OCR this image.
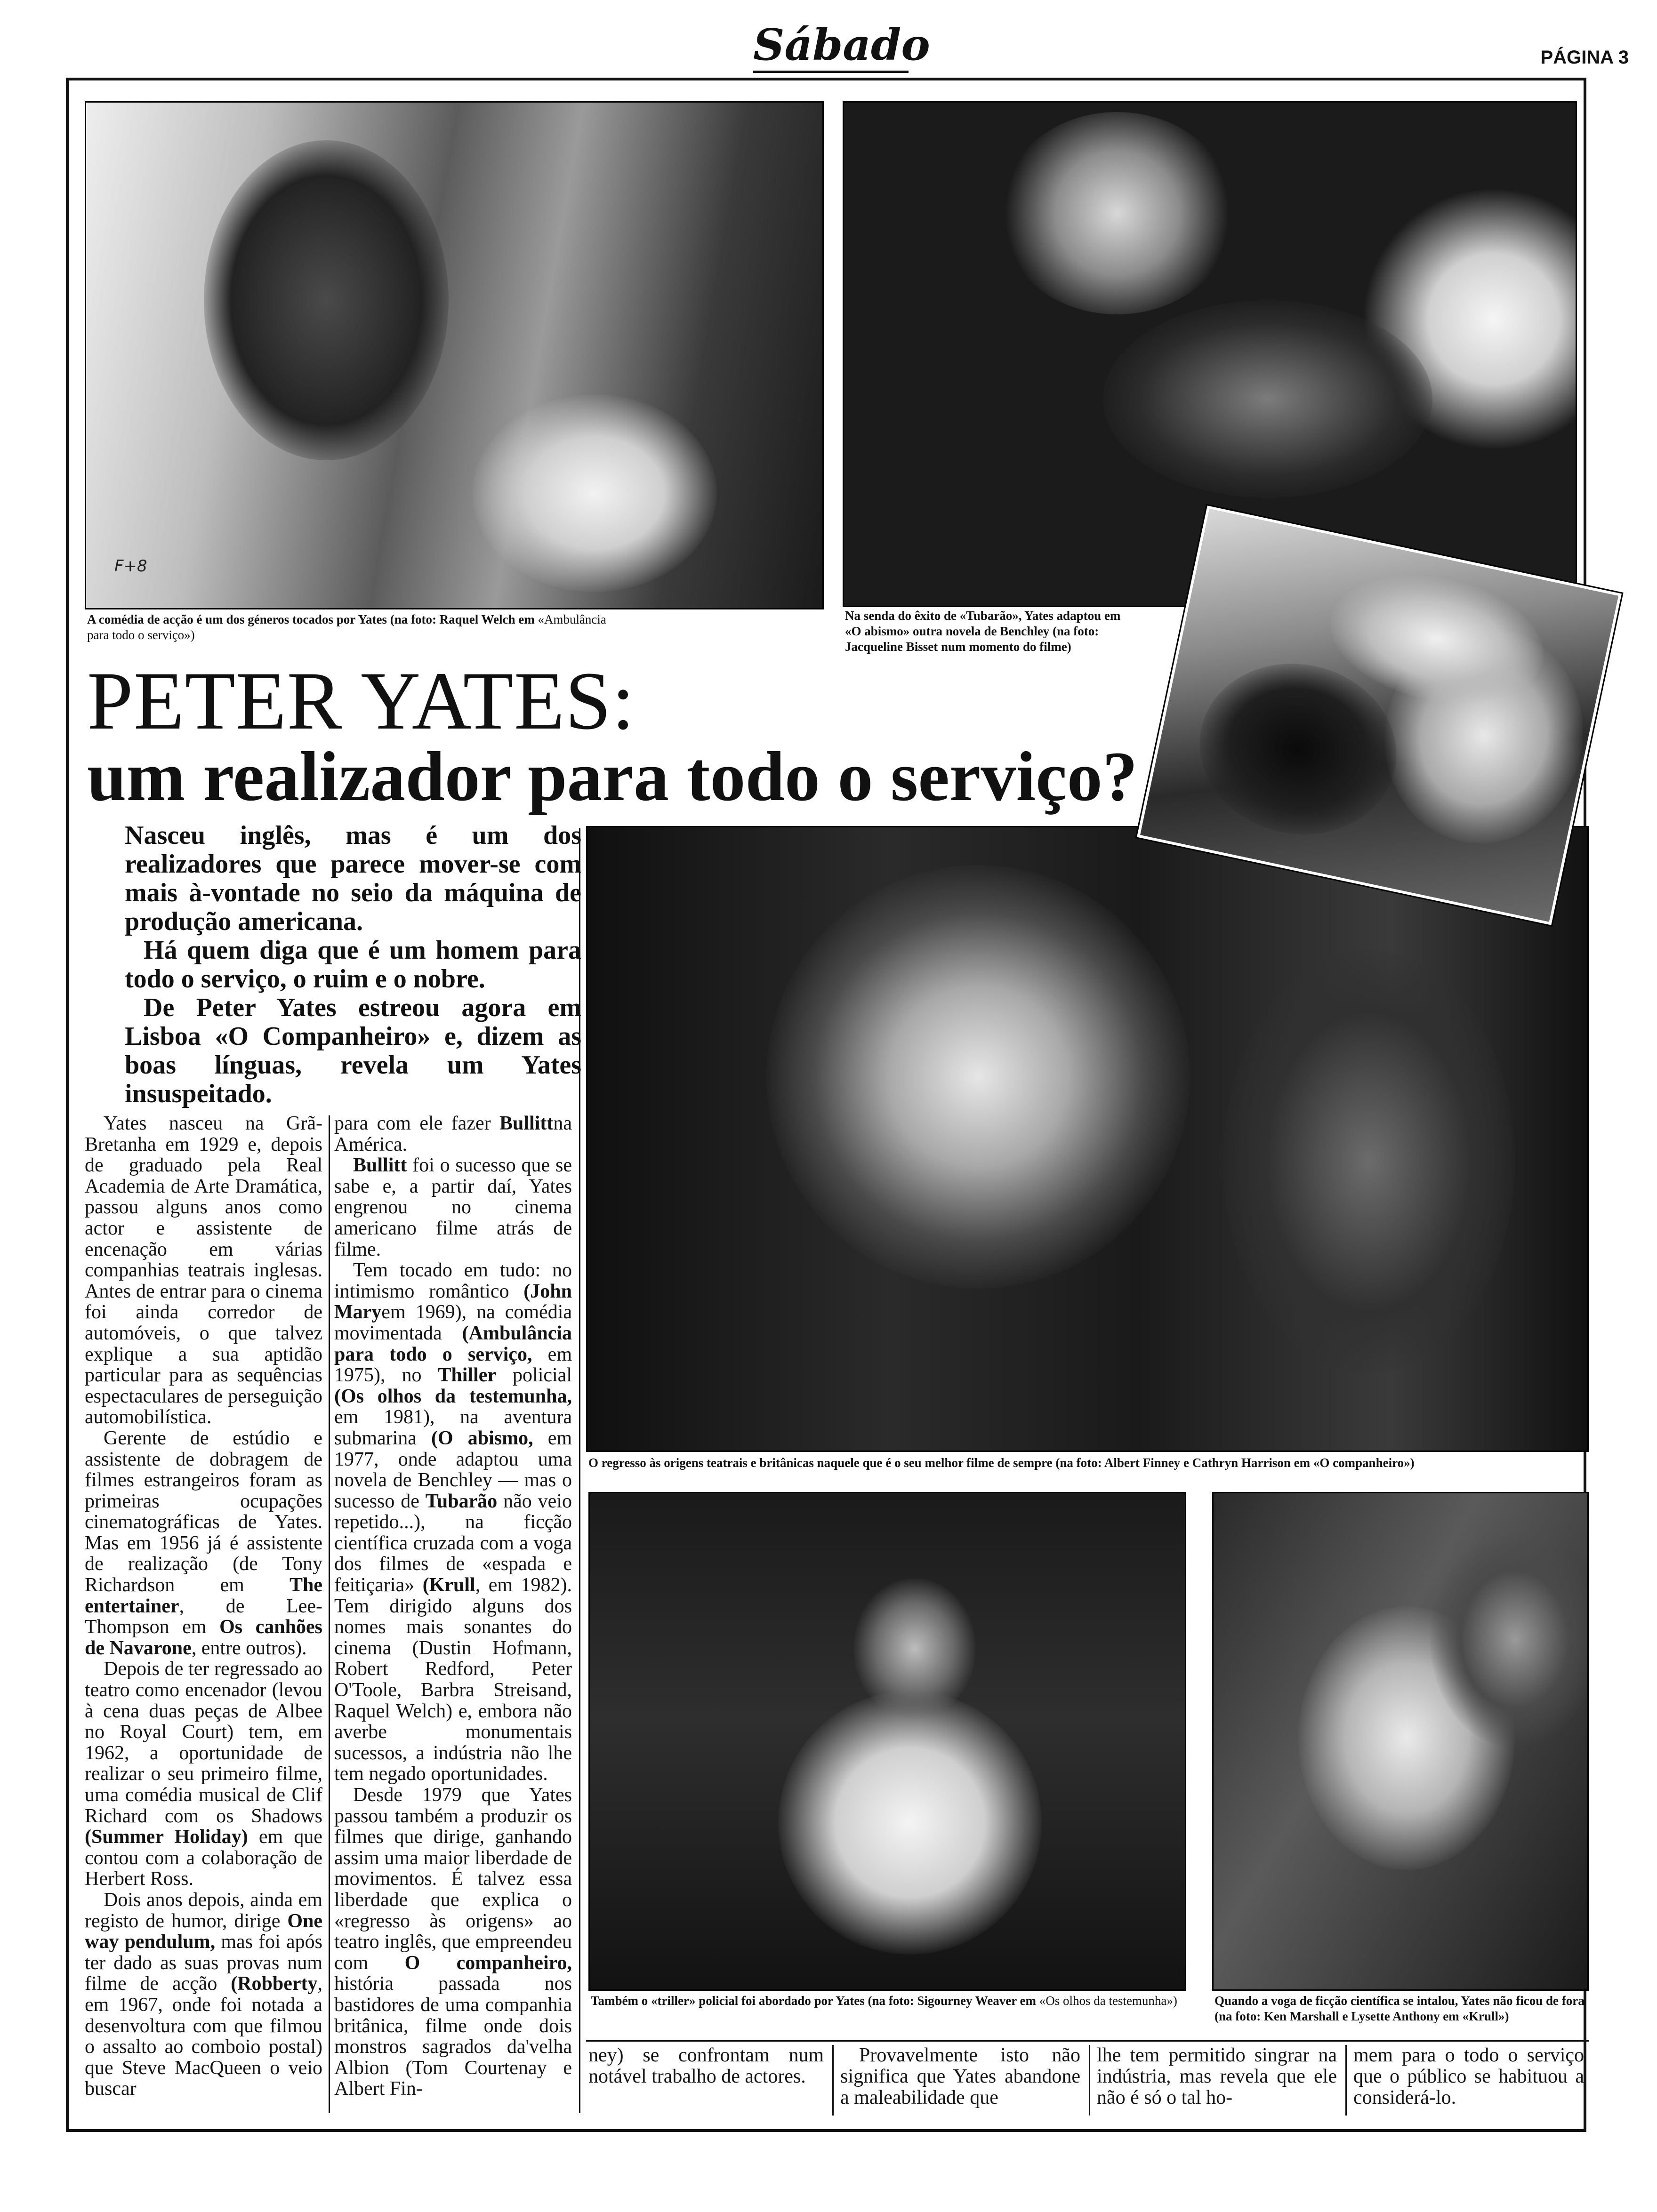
Sábado	PÁGINA 3
F+8
A comédia de acção é um dos géneros tocados por Yates (na foto: Raquel Welch em «Ambulância para todo o serviço»)
Na senda do êxito de «Tubarão», Yates adaptou em «O abismo» outra novela de Benchley (na foto: Jacqueline Bisset num momento do filme)
PETER YATES:
um realizador para todo o serviço?

Nasceu inglês, mas é um dos realizadores que parece mover-se com mais à-vontade no seio da máquina de produção americana.

Há quem diga que é um homem para todo o serviço, o ruim e o nobre.

De Peter Yates estreou agora em Lisboa «O Companheiro» e, dizem as boas línguas, revela um Yates insuspeitado.

O regresso às origens teatrais e britânicas naquele que é o seu melhor filme de sempre (na foto: Albert Finney e Cathryn Harrison em «O companheiro»)
Também o «triller» policial foi abordado por Yates (na foto: Sigourney Weaver em «Os olhos da testemunha»)	Quando a voga de ficção científica se intalou, Yates não ficou de fora (na foto: Ken Marshall e Lysette Anthony em «Krull»)

Yates nasceu na Grã-Bretanha em 1929 e, depois de graduado pela Real Academia de Arte Dramática, passou alguns anos como actor e assistente de encenação em várias companhias teatrais inglesas. Antes de entrar para o cinema foi ainda corredor de automóveis, o que talvez explique a sua aptidão particular para as sequências espectaculares de perseguição automobilística.

Gerente de estúdio e assistente de dobragem de filmes estrangeiros foram as primeiras ocupações cinematográficas de Yates. Mas em 1956 já é assistente de realização (de Tony Richardson em The entertainer, de Lee-Thompson em Os canhões de Navarone, entre outros).

Depois de ter regressado ao teatro como encenador (levou à cena duas peças de Albee no Royal Court) tem, em 1962, a oportunidade de realizar o seu primeiro filme, uma comédia musical de Clif Richard com os Shadows (Summer Holiday) em que contou com a colaboração de Herbert Ross.

Dois anos depois, ainda em registo de humor, dirige One way pendulum, mas foi após ter dado as suas provas num filme de acção (Robberty, em 1967, onde foi notada a desenvoltura com que filmou o assalto ao comboio postal) que Steve MacQueen o veio buscar

para com ele fazer Bullittna América.

Bullitt foi o sucesso que se sabe e, a partir daí, Yates engrenou no cinema americano filme atrás de filme.

Tem tocado em tudo: no intimismo romântico (John Maryem 1969), na comédia movimentada (Ambulância para todo o serviço, em 1975), no Thiller policial (Os olhos da testemunha, em 1981), na aventura submarina (O abismo, em 1977, onde adaptou uma novela de Benchley — mas o sucesso de Tubarão não veio repetido...), na ficção científica cruzada com a voga dos filmes de «espada e feitiçaria» (Krull, em 1982). Tem dirigido alguns dos nomes mais sonantes do cinema (Dustin Hofmann, Robert Redford, Peter O'Toole, Barbra Streisand, Raquel Welch) e, embora não averbe monumentais sucessos, a indústria não lhe tem negado oportunidades.

Desde 1979 que Yates passou também a produzir os filmes que dirige, ganhando assim uma maior liberdade de movimentos. É talvez essa liberdade que explica o «regresso às origens» ao teatro inglês, que empreendeu com O companheiro, história passada nos bastidores de uma companhia britânica, filme onde dois monstros sagrados da'velha Albion (Tom Courtenay e Albert Fin-

ney) se confrontam num notável trabalho de actores.

Provavelmente isto não significa que Yates abandone a maleabilidade que

lhe tem permitido singrar na indústria, mas revela que ele não é só o tal ho-

mem para o todo o serviço que o público se habituou a considerá-lo.
